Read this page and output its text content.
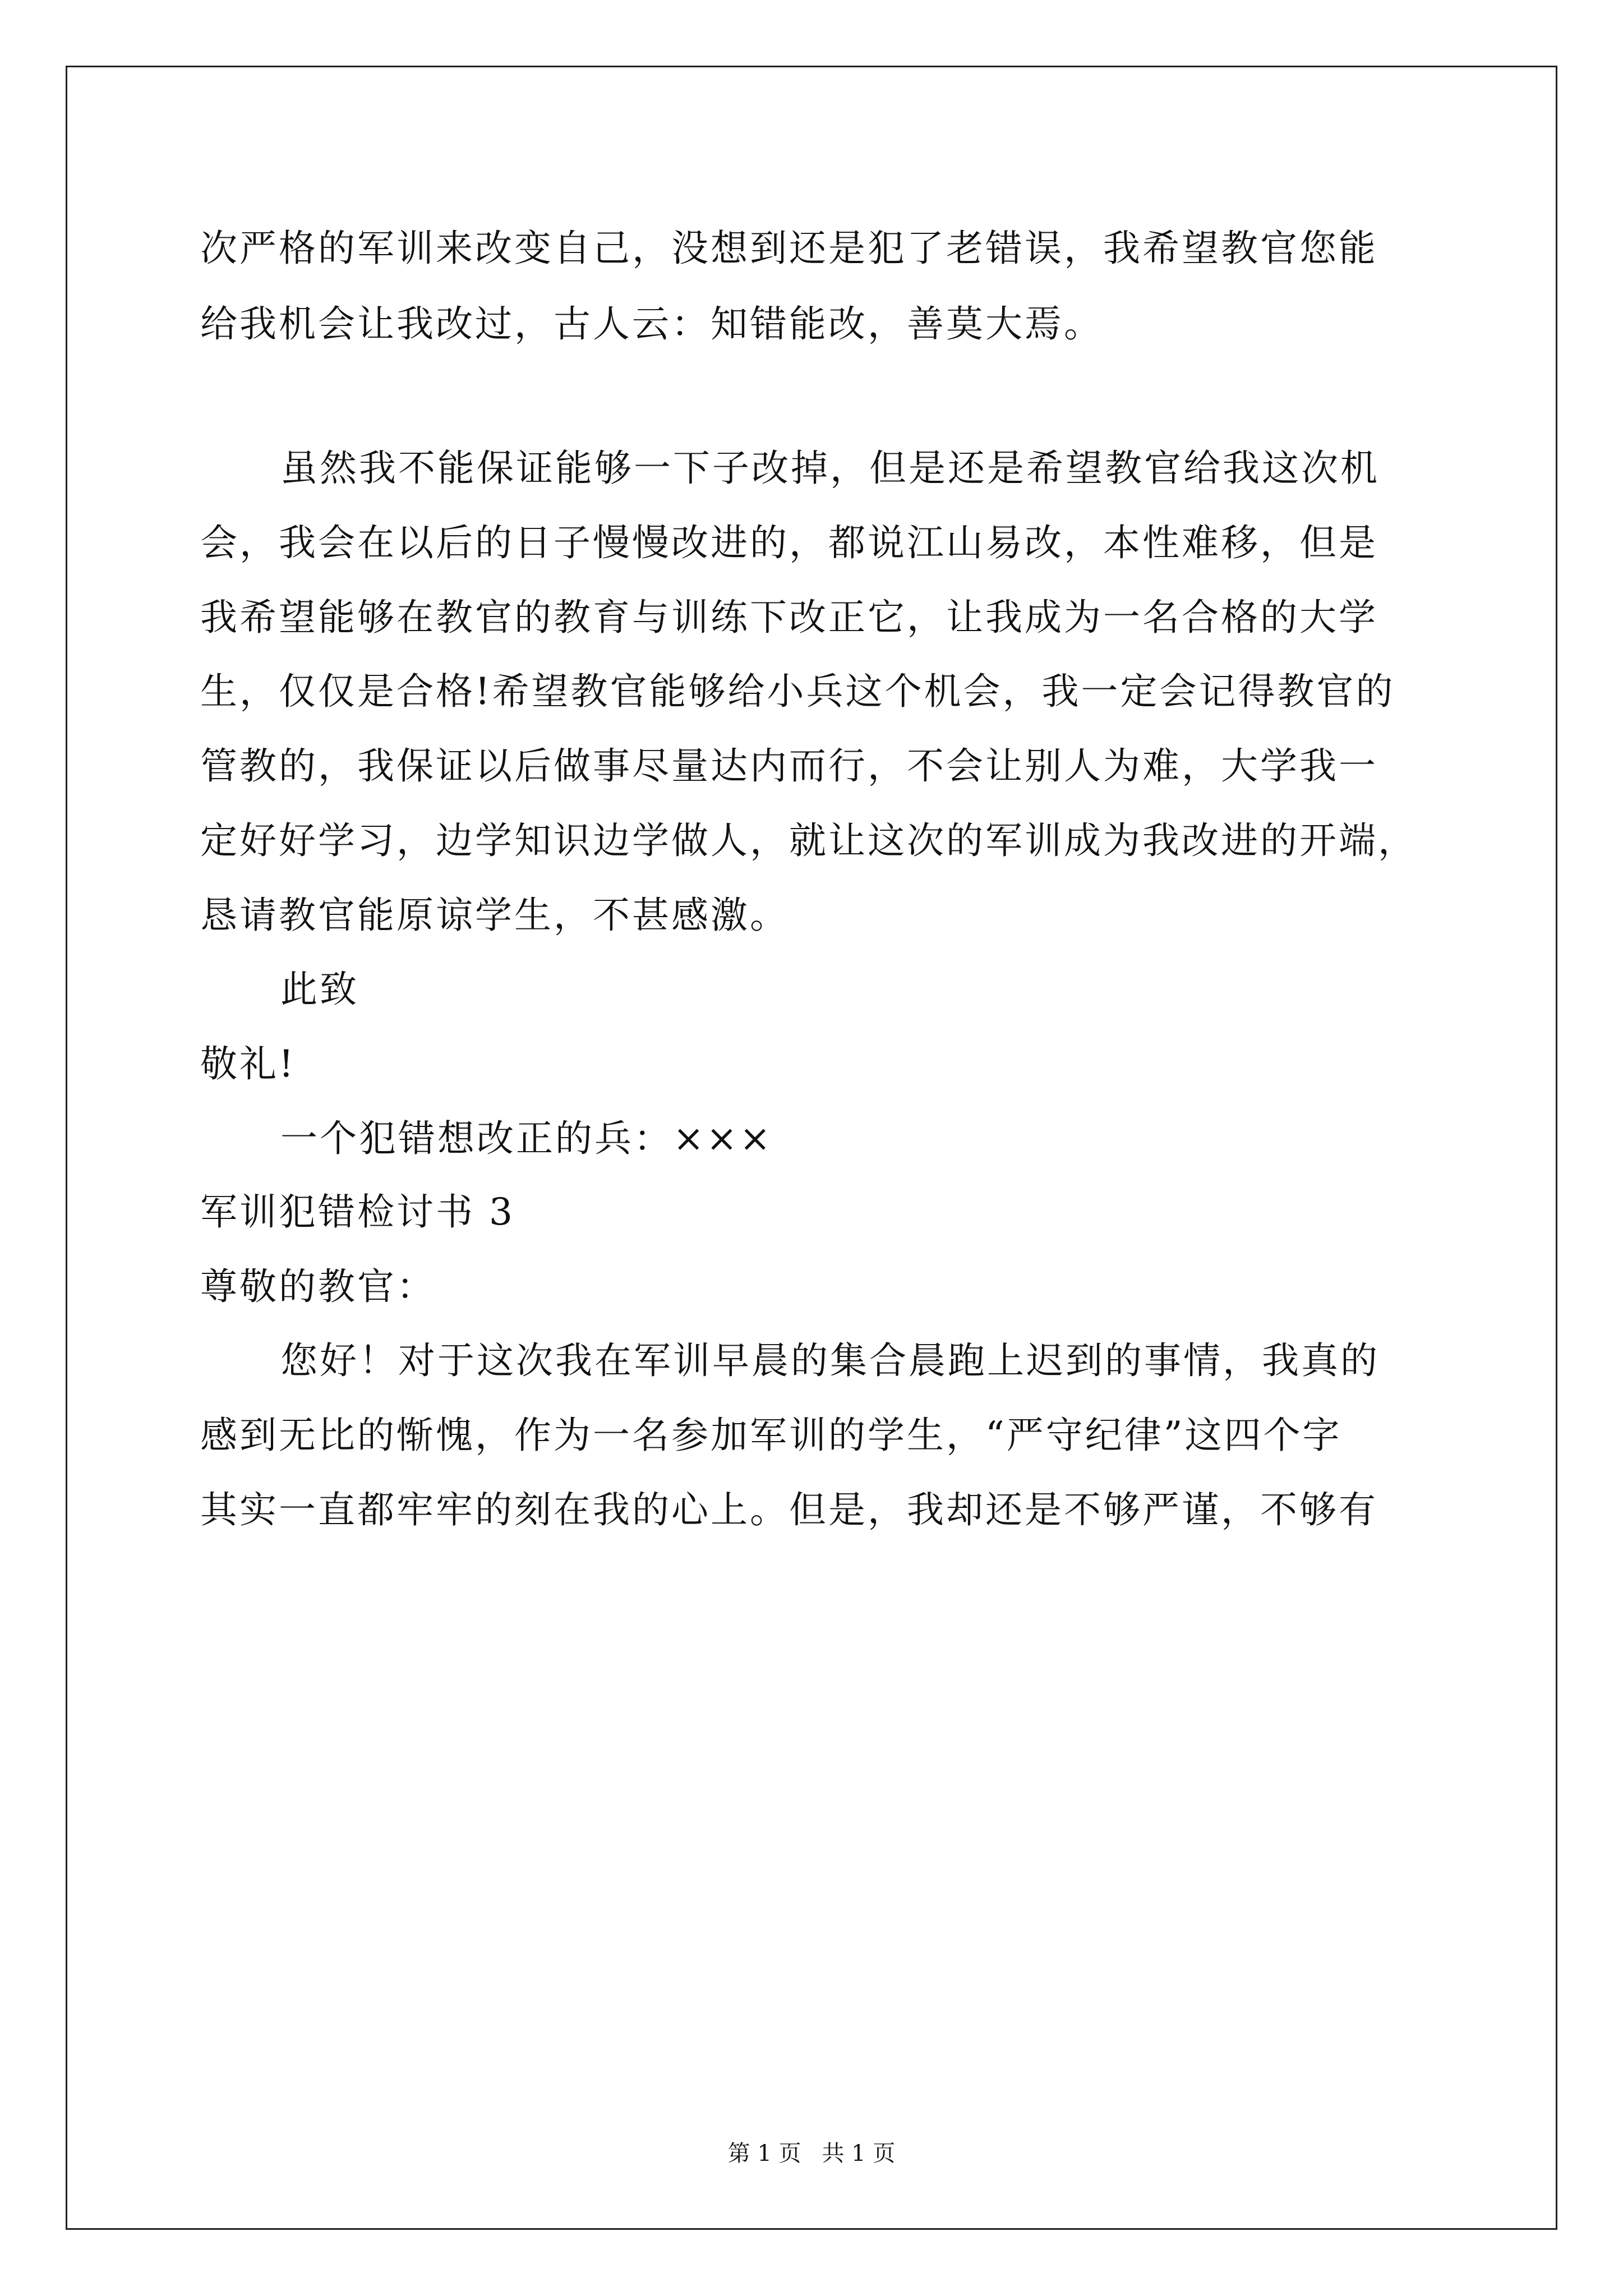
次严格的军训来改变自己，没想到还是犯了老错误，我希望教官您能
给我机会让我改过，古人云：知错能改，善莫大焉。
虽然我不能保证能够一下子改掉，但是还是希望教官给我这次机
会，我会在以后的日子慢慢改进的，都说江山易改，本性难移，但是
我希望能够在教官的教育与训练下改正它，让我成为一名合格的大学
生，仅仅是合格!希望教官能够给小兵这个机会，我一定会记得教官的
管教的，我保证以后做事尽量达内而行，不会让别人为难，大学我一
定好好学习，边学知识边学做人，就让这次的军训成为我改进的开端，
恳请教官能原谅学生，不甚感激。
此致
敬礼!
一个犯错想改正的兵：×××
军训犯错检讨书 3
尊敬的教官：
您好！对于这次我在军训早晨的集合晨跑上迟到的事情，我真的
感到无比的惭愧，作为一名参加军训的学生，“严守纪律”这四个字
其实一直都牢牢的刻在我的心上。但是，我却还是不够严谨，不够有
第 1 页 共 1 页
